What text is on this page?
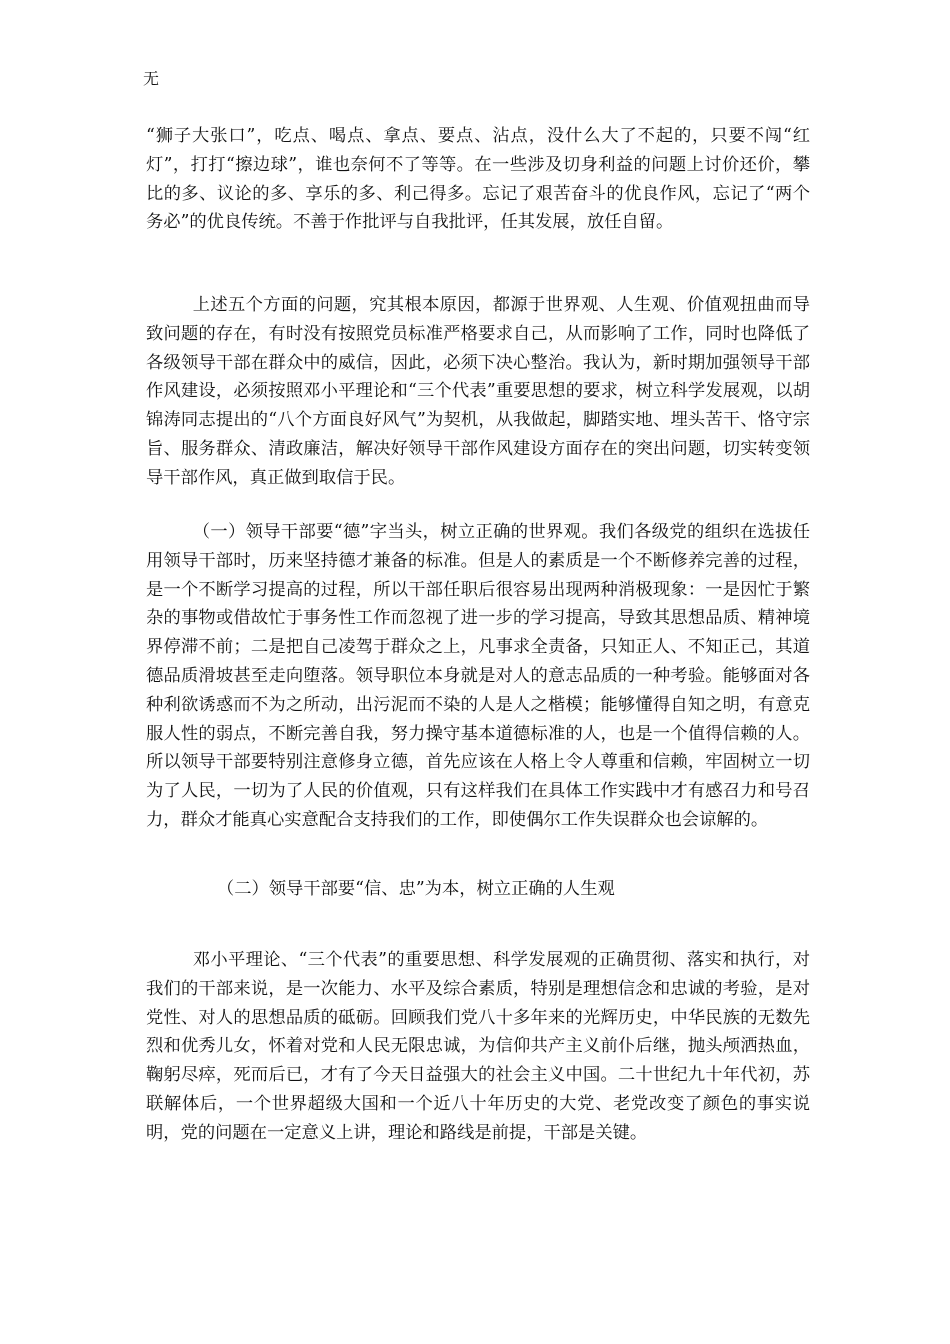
无

“狮子大张口”，吃点、喝点、拿点、要点、沾点，没什么大了不起的，只要不闯“红灯”，打打“擦边球”，谁也奈何不了等等。在一些涉及切身利益的问题上讨价还价，攀比的多、议论的多、享乐的多、利己得多。忘记了艰苦奋斗的优良作风，忘记了“两个务必”的优良传统。不善于作批评与自我批评，任其发展，放任自留。

上述五个方面的问题，究其根本原因，都源于世界观、人生观、价值观扭曲而导致问题的存在，有时没有按照党员标准严格要求自己，从而影响了工作，同时也降低了各级领导干部在群众中的威信，因此，必须下决心整治。我认为，新时期加强领导干部作风建设，必须按照邓小平理论和“三个代表”重要思想的要求，树立科学发展观，以胡锦涛同志提出的“八个方面良好风气”为契机，从我做起，脚踏实地、埋头苦干、恪守宗旨、服务群众、清政廉洁，解决好领导干部作风建设方面存在的突出问题，切实转变领导干部作风，真正做到取信于民。

（一）领导干部要“德”字当头，树立正确的世界观。我们各级党的组织在选拔任用领导干部时，历来坚持德才兼备的标准。但是人的素质是一个不断修养完善的过程，是一个不断学习提高的过程，所以干部任职后很容易出现两种消极现象：一是因忙于繁杂的事物或借故忙于事务性工作而忽视了进一步的学习提高，导致其思想品质、精神境界停滞不前；二是把自己凌驾于群众之上，凡事求全责备，只知正人、不知正己，其道德品质滑坡甚至走向堕落。领导职位本身就是对人的意志品质的一种考验。能够面对各种利欲诱惑而不为之所动，出污泥而不染的人是人之楷模；能够懂得自知之明，有意克服人性的弱点，不断完善自我，努力操守基本道德标准的人，也是一个值得信赖的人。所以领导干部要特别注意修身立德，首先应该在人格上令人尊重和信赖，牢固树立一切为了人民，一切为了人民的价值观，只有这样我们在具体工作实践中才有感召力和号召力，群众才能真心实意配合支持我们的工作，即使偶尔工作失误群众也会谅解的。

（二）领导干部要“信、忠”为本，树立正确的人生观

邓小平理论、“三个代表”的重要思想、科学发展观的正确贯彻、落实和执行，对我们的干部来说，是一次能力、水平及综合素质，特别是理想信念和忠诚的考验，是对党性、对人的思想品质的砥砺。回顾我们党八十多年来的光辉历史，中华民族的无数先烈和优秀儿女，怀着对党和人民无限忠诚，为信仰共产主义前仆后继，抛头颅洒热血，鞠躬尽瘁，死而后已，才有了今天日益强大的社会主义中国。二十世纪九十年代初，苏联解体后，一个世界超级大国和一个近八十年历史的大党、老党改变了颜色的事实说明，党的问题在一定意义上讲，理论和路线是前提，干部是关键。
